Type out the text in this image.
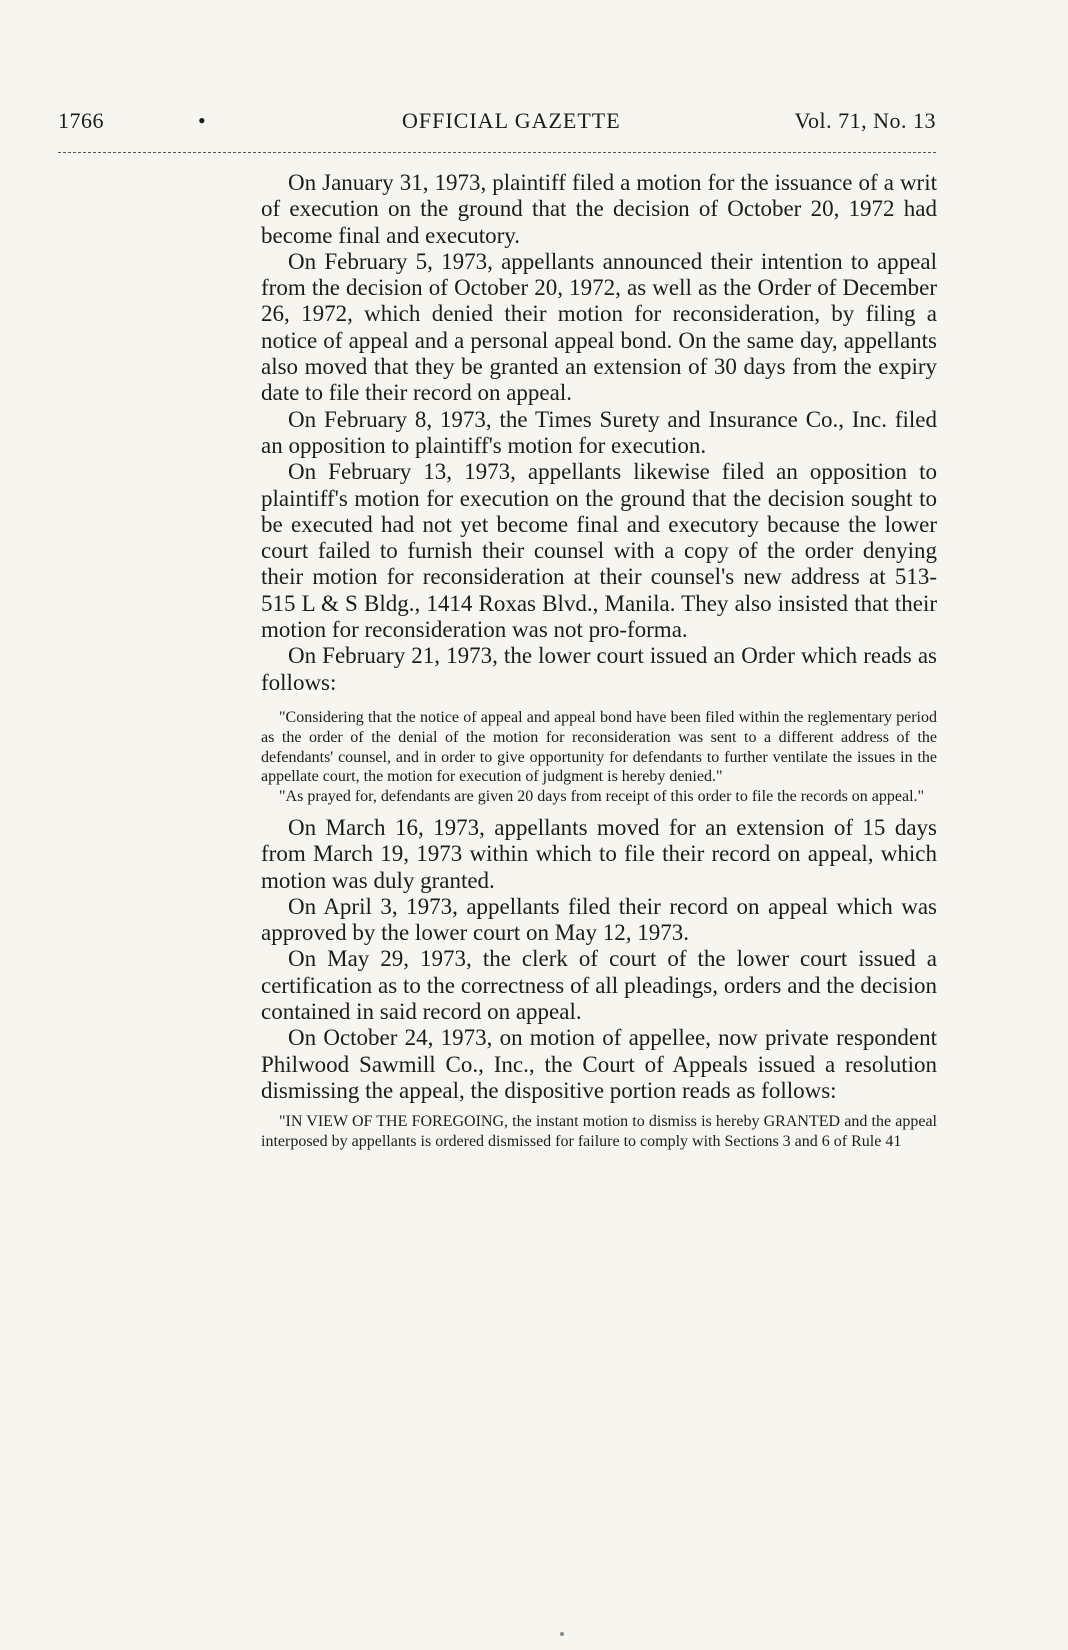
1766	•	OFFICIAL GAZETTE	Vol. 71, No. 13

On January 31, 1973, plaintiff filed a motion for the issuance of a writ of execution on the ground that the decision of October 20, 1972 had become final and executory.

On February 5, 1973, appellants announced their intention to appeal from the decision of October 20, 1972, as well as the Order of December 26, 1972, which denied their motion for reconsideration, by filing a notice of appeal and a personal appeal bond. On the same day, appellants also moved that they be granted an extension of 30 days from the expiry date to file their record on appeal.

On February 8, 1973, the Times Surety and Insurance Co., Inc. filed an opposition to plaintiff's motion for execution.

On February 13, 1973, appellants likewise filed an opposition to plaintiff's motion for execution on the ground that the decision sought to be executed had not yet become final and executory because the lower court failed to furnish their counsel with a copy of the order denying their motion for reconsideration at their counsel's new address at 513-515 L & S Bldg., 1414 Roxas Blvd., Manila. They also insisted that their motion for reconsideration was not pro-forma.

On February 21, 1973, the lower court issued an Order which reads as follows:

"Considering that the notice of appeal and appeal bond have been filed within the reglementary period as the order of the denial of the motion for reconsideration was sent to a different address of the defendants' counsel, and in order to give opportunity for defendants to further ventilate the issues in the appellate court, the motion for execution of judgment is hereby denied."

"As prayed for, defendants are given 20 days from receipt of this order to file the records on appeal."

On March 16, 1973, appellants moved for an extension of 15 days from March 19, 1973 within which to file their record on appeal, which motion was duly granted.

On April 3, 1973, appellants filed their record on appeal which was approved by the lower court on May 12, 1973.

On May 29, 1973, the clerk of court of the lower court issued a certification as to the correctness of all pleadings, orders and the decision contained in said record on appeal.

On October 24, 1973, on motion of appellee, now private respondent Philwood Sawmill Co., Inc., the Court of Appeals issued a resolution dismissing the appeal, the dispositive portion reads as follows:

"IN VIEW OF THE FOREGOING, the instant motion to dismiss is hereby GRANTED and the appeal interposed by appellants is ordered dismissed for failure to comply with Sections 3 and 6 of Rule 41
